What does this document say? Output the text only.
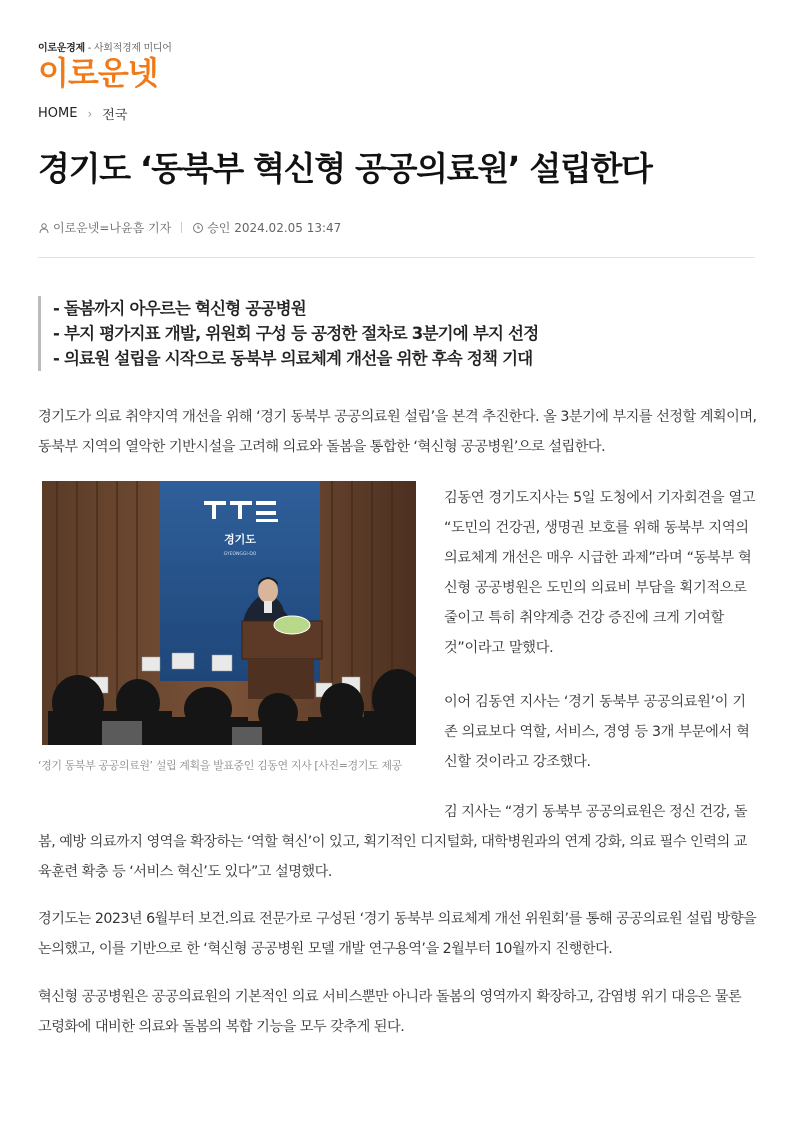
이로운경제 - 사회적경제 미디어
이로운넷
HOME › 전국
경기도 ‘동북부 혁신형 공공의료원’ 설립한다
이로운넷=나윤흠 기자	승인 2024.02.05 13:47
- 돌봄까지 아우르는 혁신형 공공병원
- 부지 평가지표 개발, 위원회 구성 등 공정한 절차로 3분기에 부지 선정
- 의료원 설립을 시작으로 동북부 의료체계 개선을 위한 후속 정책 기대

경기도가 의료 취약지역 개선을 위해 ‘경기 동북부 공공의료원 설립’을 본격 추진한다. 올 3분기에 부지를 선정할 계획이며, 동북부 지역의 열악한 기반시설을 고려해 의료와 돌봄을 통합한 ‘혁신형 공공병원’으로 설립한다.

경기도
GYEONGGI-DO
‘경기 동북부 공공의료원’ 설립 계획을 발표중인 김동연 지사 [사진=경기도 제공

김동연 경기도지사는 5일 도청에서 기자회견을 열고 “도민의 건강권, 생명권 보호를 위해 동북부 지역의 의료체계 개선은 매우 시급한 과제”라며 “동북부 혁신형 공공병원은 도민의 의료비 부담을 획기적으로 줄이고 특히 취약계층 건강 증진에 크게 기여할 것”이라고 말했다.

이어 김동연 지사는 ‘경기 동북부 공공의료원’이 기존 의료보다 역할, 서비스, 경영 등 3개 부문에서 혁신할 것이라고 강조했다.

김 지사는 “경기 동북부 공공의료원은 정신 건강, 돌봄, 예방 의료까지 영역을 확장하는 ‘역할 혁신’이 있고, 획기적인 디지털화, 대학병원과의 연계 강화, 의료 필수 인력의 교육훈련 확충 등 ‘서비스 혁신’도 있다”고 설명했다.

경기도는 2023년 6월부터 보건.의료 전문가로 구성된 ‘경기 동북부 의료체계 개선 위원회’를 통해 공공의료원 설립 방향을 논의했고, 이를 기반으로 한 ‘혁신형 공공병원 모델 개발 연구용역’을 2월부터 10월까지 진행한다.

혁신형 공공병원은 공공의료원의 기본적인 의료 서비스뿐만 아니라 돌봄의 영역까지 확장하고, 감염병 위기 대응은 물론 고령화에 대비한 의료와 돌봄의 복합 기능을 모두 갖추게 된다.
